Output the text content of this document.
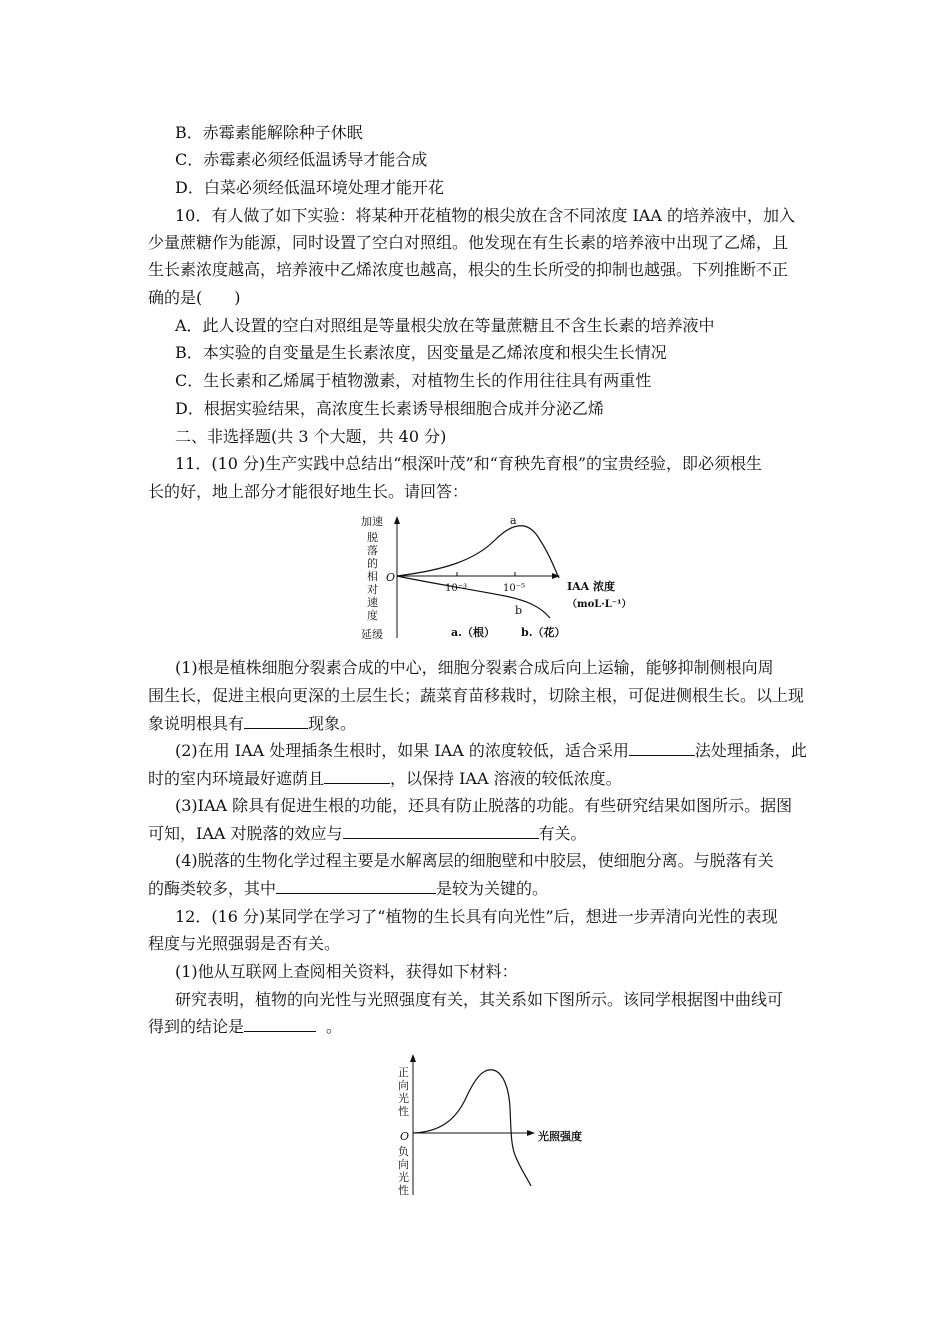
B．赤霉素能解除种子休眠
C．赤霉素必须经低温诱导才能合成
D．白菜必须经低温环境处理才能开花
10．有人做了如下实验：将某种开花植物的根尖放在含不同浓度 IAA 的培养液中，加入
少量蔗糖作为能源，同时设置了空白对照组。他发现在有生长素的培养液中出现了乙烯，且
生长素浓度越高，培养液中乙烯浓度也越高，根尖的生长所受的抑制也越强。下列推断不正
确的是(　　)
A．此人设置的空白对照组是等量根尖放在等量蔗糖且不含生长素的培养液中
B．本实验的自变量是生长素浓度，因变量是乙烯浓度和根尖生长情况
C．生长素和乙烯属于植物激素，对植物生长的作用往往具有两重性
D．根据实验结果，高浓度生长素诱导根细胞合成并分泌乙烯
二、非选择题(共 3 个大题，共 40 分)
11．(10 分)生产实践中总结出“根深叶茂”和“育秧先育根”的宝贵经验，即必须根生
长的好，地上部分才能很好地生长。请回答：
加速
脱
落
的
相
对
速
度
延缓
O
10⁻³	10⁻⁵	IAA 浓度
（moL·L⁻¹）
a
b
a.（根） b.（花）
(1)根是植株细胞分裂素合成的中心，细胞分裂素合成后向上运输，能够抑制侧根向周
围生长，促进主根向更深的土层生长；蔬菜育苗移栽时，切除主根，可促进侧根生长。以上现
象说明根具有	现象。
(2)在用 IAA 处理插条生根时，如果 IAA 的浓度较低，适合采用	法处理插条，此
时的室内环境最好遮荫且	，以保持 IAA 溶液的较低浓度。
(3)IAA 除具有促进生根的功能，还具有防止脱落的功能。有些研究结果如图所示。据图
可知，IAA 对脱落的效应与	有关。
(4)脱落的生物化学过程主要是水解离层的细胞壁和中胶层，使细胞分离。与脱落有关
的酶类较多，其中	是较为关键的。
12．(16 分)某同学在学习了“植物的生长具有向光性”后，想进一步弄清向光性的表现
程度与光照强弱是否有关。
(1)他从互联网上查阅相关资料，获得如下材料：
研究表明，植物的向光性与光照强度有关，其关系如下图所示。该同学根据图中曲线可
得到的结论是	。
正
向
光
性
O
负
向
光
性
光照强度
